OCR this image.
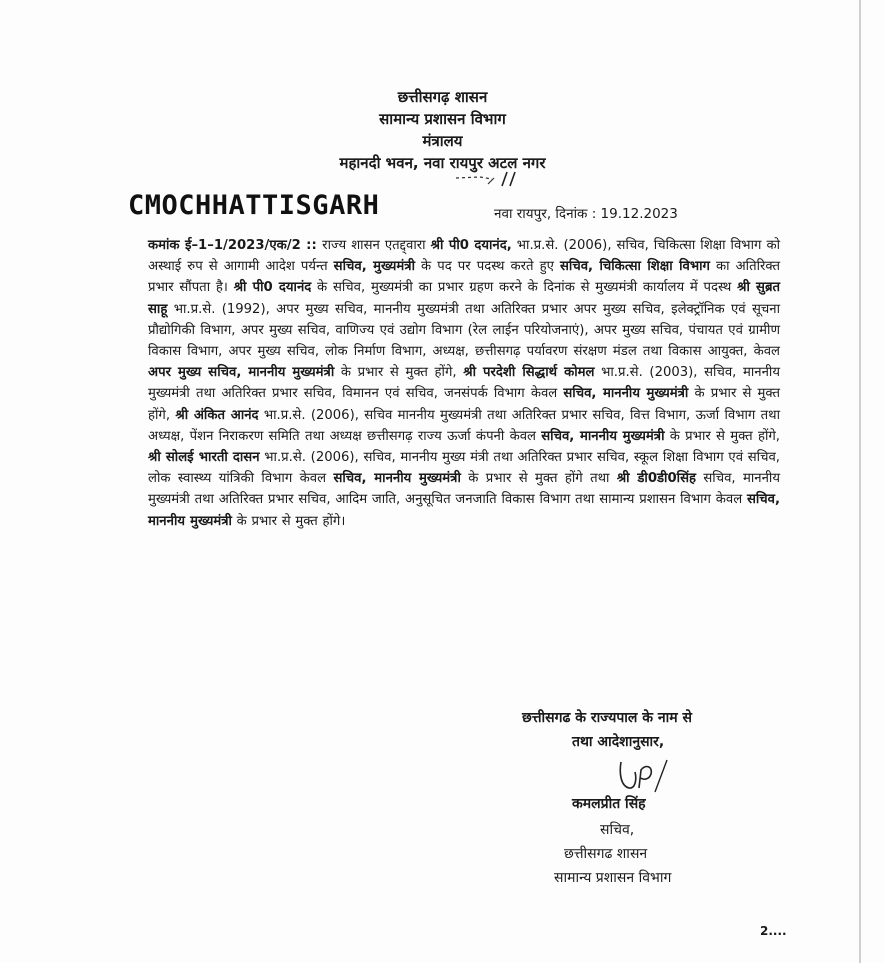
छत्तीसगढ़ शासन
सामान्य प्रशासन विभाग
मंत्रालय
महानदी भवन, नवा रायपुर अटल नगर
CMOCHHATTISGARH	नवा रायपुर, दिनांक : 19.12.2023
कमांक ई–1–1/2023/एक/2 :: राज्य शासन एतद्द्वारा श्री पी0 दयानंद, भा.प्र.से. (2006), सचिव, चिकित्सा शिक्षा विभाग को अस्थाई रुप से आगामी आदेश पर्यन्त सचिव, मुख्यमंत्री के पद पर पदस्थ करते हुए सचिव, चिकित्सा शिक्षा विभाग का अतिरिक्त प्रभार सौंपता है। श्री पी0 दयानंद के सचिव, मुख्यमंत्री का प्रभार ग्रहण करने के दिनांक से मुख्यमंत्री कार्यालय में पदस्थ श्री सुब्रत साहू भा.प्र.से. (1992), अपर मुख्य सचिव, माननीय मुख्यमंत्री तथा अतिरिक्त प्रभार अपर मुख्य सचिव, इलेक्ट्रॉनिक एवं सूचना प्रौद्योगिकी विभाग, अपर मुख्य सचिव, वाणिज्य एवं उद्योग विभाग (रेल लाईन परियोजनाएं), अपर मुख्य सचिव, पंचायत एवं ग्रामीण विकास विभाग, अपर मुख्य सचिव, लोक निर्माण विभाग, अध्यक्ष, छत्तीसगढ़ पर्यावरण संरक्षण मंडल तथा विकास आयुक्त, केवल अपर मुख्य सचिव, माननीय मुख्यमंत्री के प्रभार से मुक्त होंगे, श्री परदेशी सिद्धार्थ कोमल भा.प्र.से. (2003), सचिव, माननीय मुख्यमंत्री तथा अतिरिक्त प्रभार सचिव, विमानन एवं सचिव, जनसंपर्क विभाग केवल सचिव, माननीय मुख्यमंत्री के प्रभार से मुक्त होंगे, श्री अंकित आनंद भा.प्र.से. (2006), सचिव माननीय मुख्यमंत्री तथा अतिरिक्त प्रभार सचिव, वित्त विभाग, ऊर्जा विभाग तथा अध्यक्ष, पेंशन निराकरण समिति तथा अध्यक्ष छत्तीसगढ़ राज्य ऊर्जा कंपनी केवल सचिव, माननीय मुख्यमंत्री के प्रभार से मुक्त होंगे, श्री सोलई भारती दासन भा.प्र.से. (2006), सचिव, माननीय मुख्य मंत्री तथा अतिरिक्त प्रभार सचिव, स्कूल शिक्षा विभाग एवं सचिव, लोक स्वास्थ्य यांत्रिकी विभाग केवल सचिव, माननीय मुख्यमंत्री के प्रभार से मुक्त होंगे तथा श्री डी0डी0सिंह सचिव, माननीय मुख्यमंत्री तथा अतिरिक्त प्रभार सचिव, आदिम जाति, अनुसूचित जनजाति विकास विभाग तथा सामान्य प्रशासन विभाग केवल सचिव, माननीय मुख्यमंत्री के प्रभार से मुक्त होंगे।
छत्तीसगढ के राज्यपाल के नाम से
तथा आदेशानुसार,
कमलप्रीत सिंह
सचिव,
छत्तीसगढ शासन
सामान्य प्रशासन विभाग
2....
